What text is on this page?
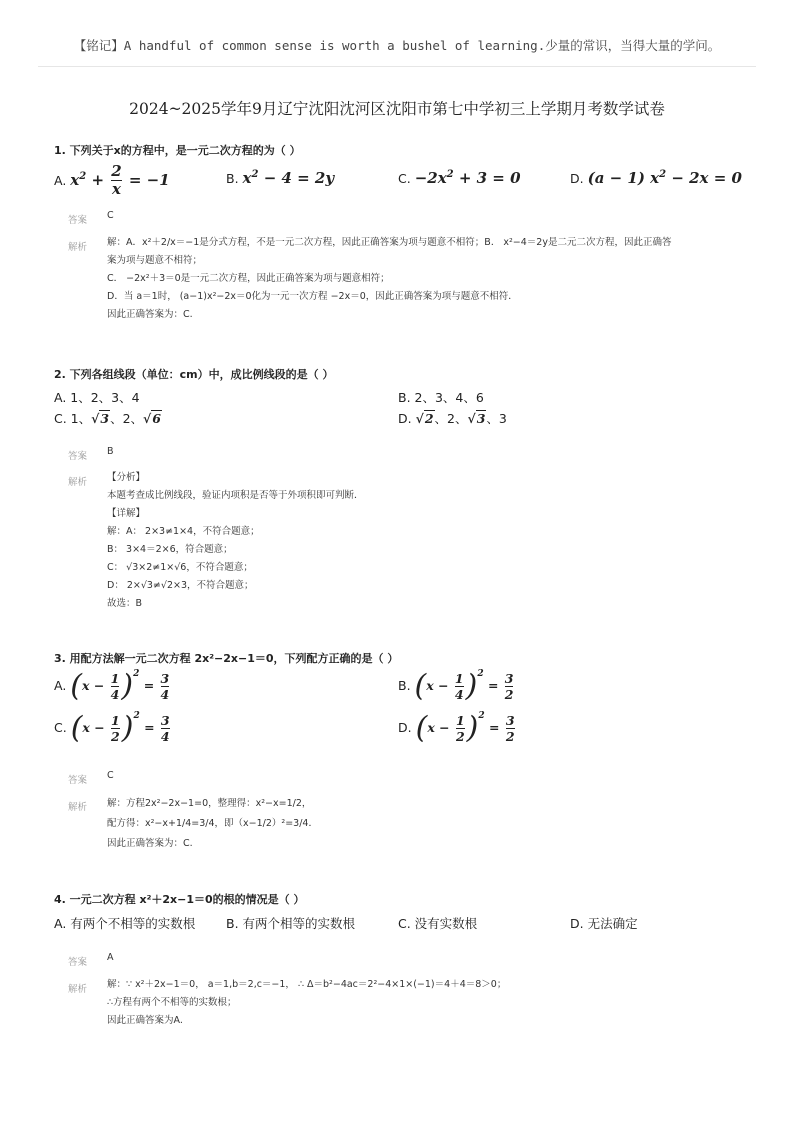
【铭记】A handful of common sense is worth a bushel of learning.少量的常识，当得大量的学问。
2024~2025学年9月辽宁沈阳沈河区沈阳市第七中学初三上学期月考数学试卷
1. 下列关于x的方程中，是一元二次方程的为（ ）
A. $x^2 + \frac{2}{x} = -1$	B. $x^2 - 4 = 2y$	C. $-2x^2 + 3 = 0$	D. (a − 1) $x^2 - 2x = 0$
答案 C
解析 解：A．x²＋2/x＝−1是分式方程，不是一元二次方程，因此正确答案为项与题意不相符；B． x²−4＝2y是二元二次方程，因此正确答
案为项与题意不相符；
C． −2x²＋3＝0是一元二次方程，因此正确答案为项与题意相符；
D．当 a＝1时， (a−1)x²−2x＝0化为一元一次方程 −2x＝0，因此正确答案为项与题意不相符．
因此正确答案为：C.
2. 下列各组线段（单位：cm）中，成比例线段的是（ ）
A. 1、2、3、4	B. 2、3、4、6
C. 1、√3、2、√6	D. √2、2、√3、3
答案 B
解析 【分析】
本题考查成比例线段，验证内项积是否等于外项积即可判断．
【详解】
解：A： 2×3≠1×4，不符合题意；
B： 3×4＝2×6，符合题意；
C： √3×2≠1×√6，不符合题意；
D： 2×√3≠√2×3，不符合题意；
故选：B
3. 用配方法解一元二次方程 2x²−2x−1＝0，下列配方正确的是（ ）
A. $(x - \frac{1}{4} )^2 = \frac{3}{4}$	B. $(x - \frac{1}{4} )^2 = \frac{3}{2}$
C. $(x - \frac{1}{2} )^2 = \frac{3}{4}$	D. $(x - \frac{1}{2} )^2 = \frac{3}{2}$
答案 C
解析 解：方程2x²−2x−1=0，整理得：x²−x=1/2，
配方得：x²−x+1/4=3/4，即（x−1/2）²=3/4．
因此正确答案为：C.
4. 一元二次方程 x²＋2x−1＝0的根的情况是（ ）
A. 有两个不相等的实数根 B. 有两个相等的实数根	C. 没有实数根	D. 无法确定
答案 A
解析 解：∵ x²＋2x−1＝0， a＝1,b＝2,c＝−1， ∴ Δ＝b²−4ac＝2²−4×1×(−1)＝4＋4＝8＞0；
∴方程有两个不相等的实数根；
因此正确答案为A.
